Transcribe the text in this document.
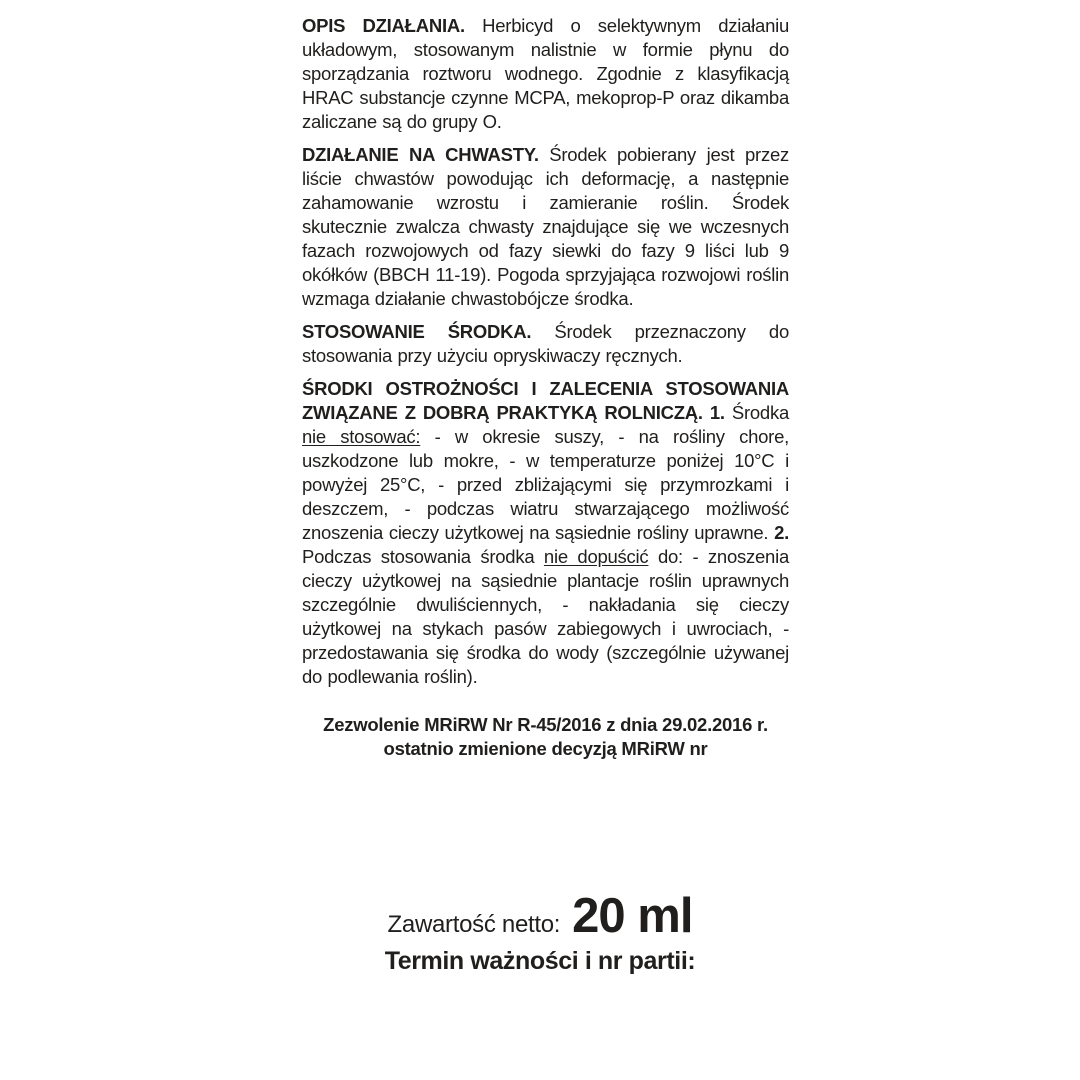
OPIS DZIAŁANIA. Herbicyd o selektywnym działaniu układowym, stosowanym nalistnie w formie płynu do sporządzania roztworu wodnego. Zgodnie z klasyfikacją HRAC substancje czynne MCPA, mekoprop-P oraz dikamba zaliczane są do grupy O.

DZIAŁANIE NA CHWASTY. Środek pobierany jest przez liście chwastów powodując ich deformację, a następnie zahamowanie wzrostu i zamieranie roślin. Środek skutecznie zwalcza chwasty znajdujące się we wczesnych fazach rozwojowych od fazy siewki do fazy 9 liści lub 9 okółków (BBCH 11-19). Pogoda sprzyjająca rozwojowi roślin wzmaga działanie chwastobójcze środka.

STOSOWANIE ŚRODKA. Środek przeznaczony do stosowania przy użyciu opryskiwaczy ręcznych.

ŚRODKI OSTROŻNOŚCI I ZALECENIA STOSOWANIA ZWIĄZANE Z DOBRĄ PRAKTYKĄ ROLNICZĄ. 1. Środka nie stosować: - w okresie suszy, - na rośliny chore, uszkodzone lub mokre, - w temperaturze poniżej 10°C i powyżej 25°C, - przed zbliżającymi się przymrozkami i deszczem, - podczas wiatru stwarzającego możliwość znoszenia cieczy użytkowej na sąsiednie rośliny uprawne. 2. Podczas stosowania środka nie dopuścić do: - znoszenia cieczy użytkowej na sąsiednie plantacje roślin uprawnych szczególnie dwuliściennych, - nakładania się cieczy użytkowej na stykach pasów zabiegowych i uwrociach, - przedostawania się środka do wody (szczególnie używanej do podlewania roślin).

Zezwolenie MRiRW Nr R-45/2016 z dnia 29.02.2016 r.
ostatnio zmienione decyzją MRiRW nr
Zawartość netto: 20 ml
Termin ważności i nr partii:
